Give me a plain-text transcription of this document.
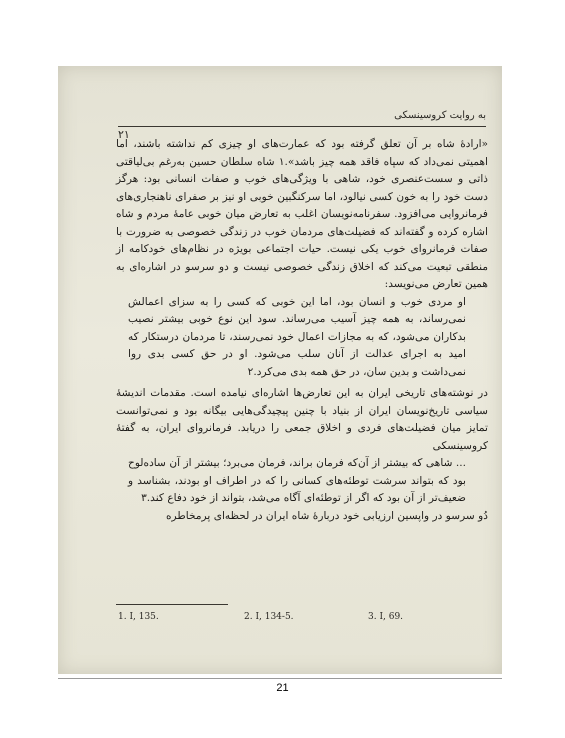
به روایت کروسینسکی
۲۱

«ارادهٔ شاه بر آن تعلق گرفته بود که عمارت‌های او چیزی کم نداشته باشند، اما اهمیتی نمی‌داد که سپاه فاقد همه چیز باشد».۱ شاه سلطان حسین به‌رغم بی‌لیاقتی ذاتی و سست‌عنصری خود، شاهی با ویژگی‌های خوب و صفات انسانی بود: هرگز دست خود را به خون کسی نیالود، اما سرکنگبین خوبی او نیز بر صفرای ناهنجاری‌های فرمانروایی می‌افزود. سفرنامه‌نویسان اغلب به تعارض میان خوبی عامهٔ مردم و شاه اشاره کرده و گفته‌اند که فضیلت‌های مردمان خوب در زندگی خصوصی به ضرورت با صفات فرمانروای خوب یکی نیست. حیات اجتماعی بویژه در نظام‌های خودکامه از منطقی تبعیت می‌کند که اخلاق زندگی خصوصی نیست و دو سرسو در اشاره‌ای به همین تعارض می‌نویسد:

او مردی خوب و انسان بود، اما این خوبی که کسی را به سزای اعمالش نمی‌رساند، به همه چیز آسیب می‌رساند. سود این نوع خوبی بیشتر نصیب بدکاران می‌شود، که به مجازات اعمال خود نمی‌رسند، تا مردمان درستکار که امید به اجرای عدالت از آنان سلب می‌شود. او در حق کسی بدی روا نمی‌داشت و بدین سان، در حق همه بدی می‌کرد.۲

در نوشته‌های تاریخی ایران به این تعارض‌ها اشاره‌ای نیامده است. مقدمات اندیشهٔ سیاسی تاریخ‌نویسان ایران از بنیاد با چنین پیچیدگی‌هایی بیگانه بود و نمی‌توانست تمایز میان فضیلت‌های فردی و اخلاق جمعی را دریابد. فرمانروای ایران، به گفتهٔ کروسینسکی

... شاهی که بیشتر از آن‌که فرمان براند، فرمان می‌برد؛ بیشتر از آن ساده‌لوح بود که بتواند سرشت توطئه‌های کسانی را که در اطراف او بودند، بشناسد و ضعیف‌تر از آن بود که اگر از توطئه‌ای آگاه می‌شد، بتواند از خود دفاع کند.۳

دُو سرسو در واپسین ارزیابی خود دربارهٔ شاه ایران در لحظه‌ای پرمخاطره

1. I, 135.	2. I, 134-5.	3. I, 69.
21
